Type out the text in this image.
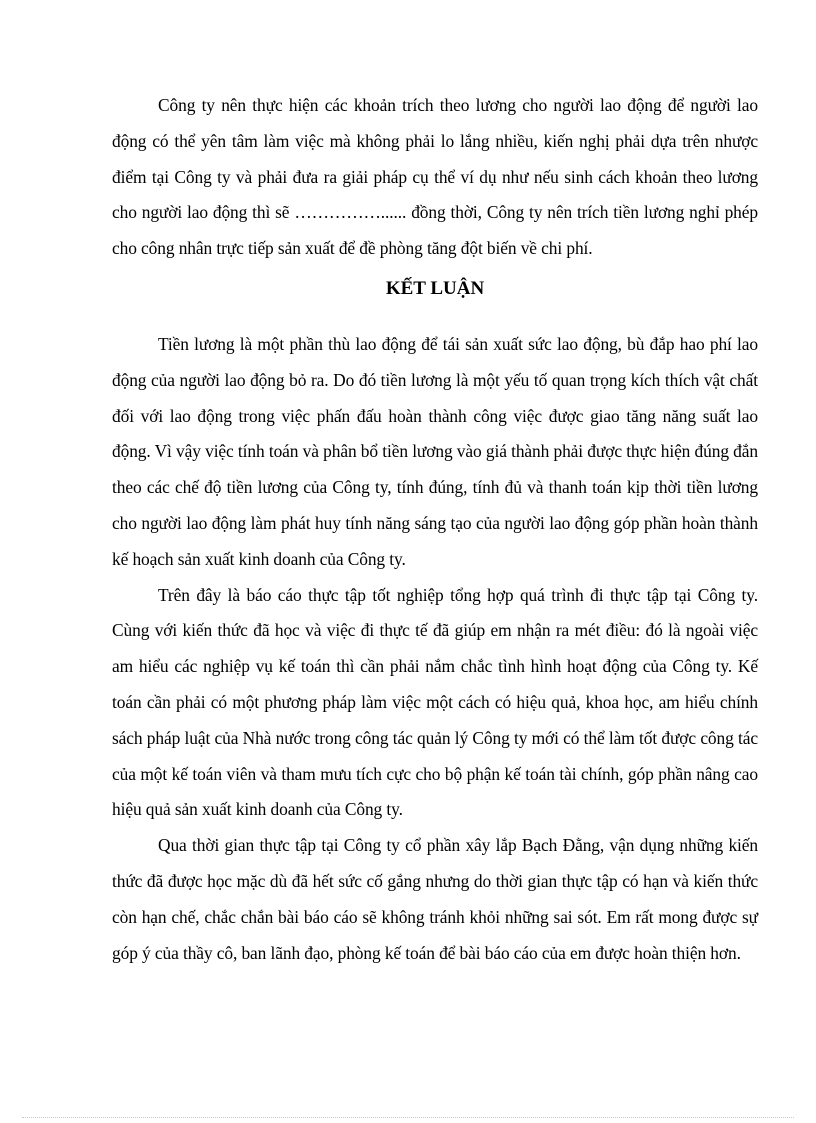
Công ty nên thực hiện các khoản trích theo lương cho người lao động để người lao động có thể yên tâm làm việc mà không phải lo lắng nhiều, kiến nghị phải dựa trên nhược điểm tại Công ty và phải đưa ra giải pháp cụ thể ví dụ như nếu sinh cách khoản theo lương cho người lao động thì sẽ ……………...... đồng thời, Công ty nên trích tiền lương nghỉ phép cho công nhân trực tiếp sản xuất để đề phòng tăng đột biến về chi phí.

KẾT LUẬN

Tiền lương là một phần thù lao động để tái sản xuất sức lao động, bù đắp hao phí lao động của người lao động bỏ ra. Do đó tiền lương là một yếu tố quan trọng kích thích vật chất đối với lao động trong việc phấn đấu hoàn thành công việc được giao tăng năng suất lao động. Vì vậy việc tính toán và phân bổ tiền lương vào giá thành phải được thực hiện đúng đắn theo các chế độ tiền lương của Công ty, tính đúng, tính đủ và thanh toán kịp thời tiền lương cho người lao động làm phát huy tính năng sáng tạo của người lao động góp phần hoàn thành kế hoạch sản xuất kinh doanh của Công ty.

Trên đây là báo cáo thực tập tốt nghiệp tổng hợp quá trình đi thực tập tại Công ty. Cùng với kiến thức đã học và việc đi thực tế đã giúp em nhận ra mét điều: đó là ngoài việc am hiểu các nghiệp vụ kế toán thì cần phải nắm chắc tình hình hoạt động của Công ty. Kế toán cần phải có một phương pháp làm việc một cách có hiệu quả, khoa học, am hiểu chính sách pháp luật của Nhà nước trong công tác quản lý Công ty mới có thể làm tốt được công tác của một kế toán viên và tham mưu tích cực cho bộ phận kế toán tài chính, góp phần nâng cao hiệu quả sản xuất kinh doanh của Công ty.

Qua thời gian thực tập tại Công ty cổ phần xây lắp Bạch Đằng, vận dụng những kiến thức đã được học mặc dù đã hết sức cố gắng nhưng do thời gian thực tập có hạn và kiến thức còn hạn chế, chắc chắn bài báo cáo sẽ không tránh khỏi những sai sót. Em rất mong được sự góp ý của thầy cô, ban lãnh đạo, phòng kế toán để bài báo cáo của em được hoàn thiện hơn.
